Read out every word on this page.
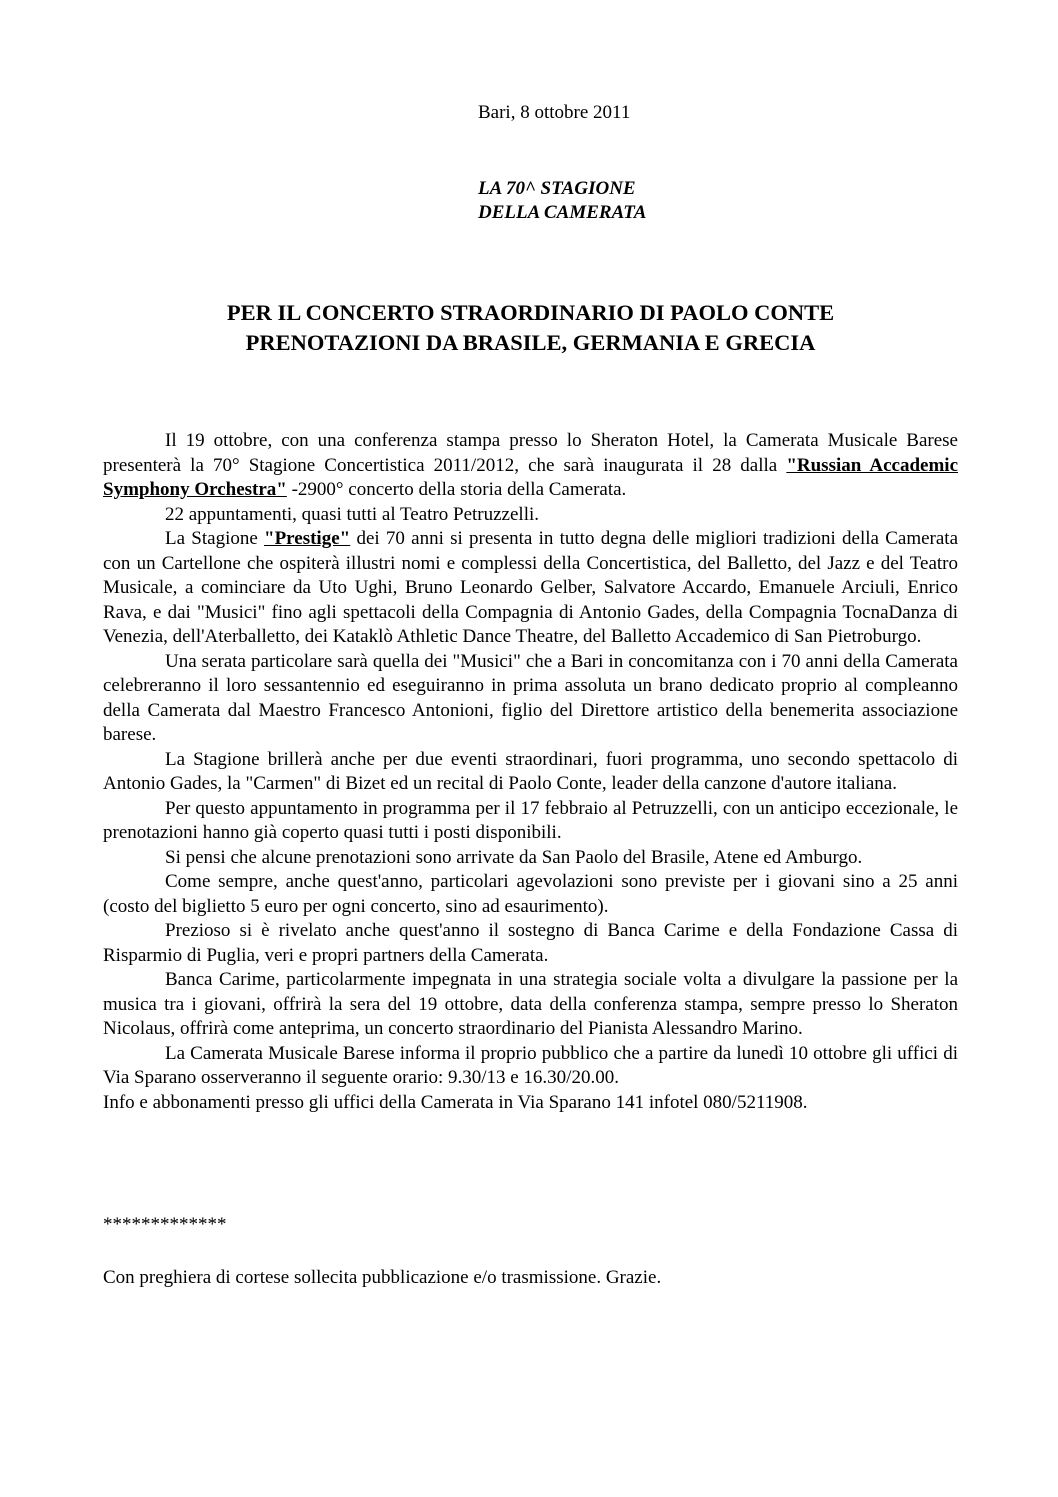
Bari, 8 ottobre 2011
LA 70^ STAGIONE
DELLA CAMERATA
PER IL CONCERTO STRAORDINARIO DI PAOLO CONTE
PRENOTAZIONI DA BRASILE, GERMANIA E GRECIA

Il 19 ottobre, con una conferenza stampa presso lo Sheraton Hotel, la Camerata Musicale Barese presenterà la 70° Stagione Concertistica 2011/2012, che sarà inaugurata il 28 dalla "Russian Accademic Symphony Orchestra" -2900° concerto della storia della Camerata.

22 appuntamenti, quasi tutti al Teatro Petruzzelli.

La Stagione "Prestige" dei 70 anni si presenta in tutto degna delle migliori tradizioni della Camerata con un Cartellone che ospiterà illustri nomi e complessi della Concertistica, del Balletto, del Jazz e del Teatro Musicale, a cominciare da Uto Ughi, Bruno Leonardo Gelber, Salvatore Accardo, Emanuele Arciuli, Enrico Rava, e dai "Musici" fino agli spettacoli della Compagnia di Antonio Gades, della Compagnia TocnaDanza di Venezia, dell'Aterballetto, dei Kataklò Athletic Dance Theatre, del Balletto Accademico di San Pietroburgo.

Una serata particolare sarà quella dei "Musici" che a Bari in concomitanza con i 70 anni della Camerata celebreranno il loro sessantennio ed eseguiranno in prima assoluta un brano dedicato proprio al compleanno della Camerata dal Maestro Francesco Antonioni, figlio del Direttore artistico della benemerita associazione barese.

La Stagione brillerà anche per due eventi straordinari, fuori programma, uno secondo spettacolo di Antonio Gades, la "Carmen" di Bizet ed un recital di Paolo Conte, leader della canzone d'autore italiana.

Per questo appuntamento in programma per il 17 febbraio al Petruzzelli, con un anticipo eccezionale, le prenotazioni hanno già coperto quasi tutti i posti disponibili.

Si pensi che alcune prenotazioni sono arrivate da San Paolo del Brasile, Atene ed Amburgo.

Come sempre, anche quest'anno, particolari agevolazioni sono previste per i giovani sino a 25 anni (costo del biglietto 5 euro per ogni concerto, sino ad esaurimento).

Prezioso si è rivelato anche quest'anno il sostegno di Banca Carime e della Fondazione Cassa di Risparmio di Puglia, veri e propri partners della Camerata.

Banca Carime, particolarmente impegnata in una strategia sociale volta a divulgare la passione per la musica tra i giovani, offrirà la sera del 19 ottobre, data della conferenza stampa, sempre presso lo Sheraton Nicolaus, offrirà come anteprima, un concerto straordinario del Pianista Alessandro Marino.

La Camerata Musicale Barese informa il proprio pubblico che a partire da lunedì 10 ottobre gli uffici di Via Sparano osserveranno il seguente orario: 9.30/13 e 16.30/20.00.

Info e abbonamenti presso gli uffici della Camerata in Via Sparano 141 infotel 080/5211908.

*************
Con preghiera di cortese sollecita pubblicazione e/o trasmissione. Grazie.
